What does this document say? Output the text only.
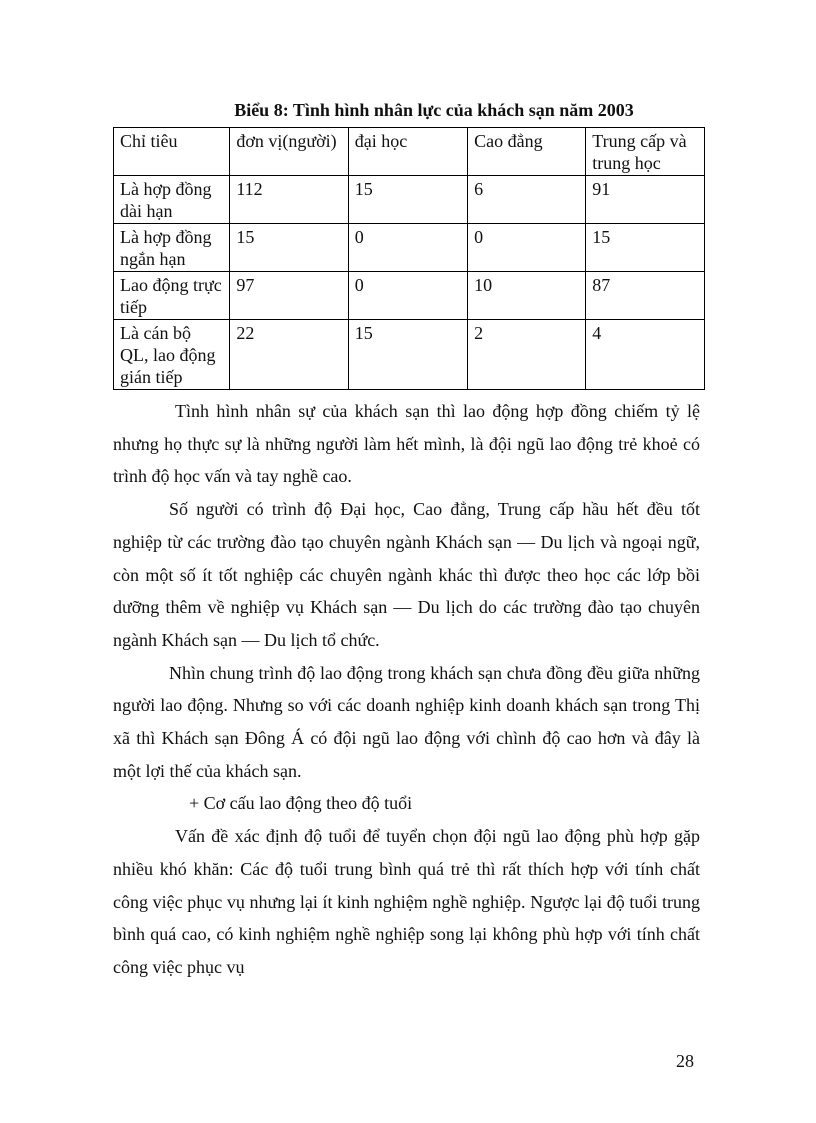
Biểu 8: Tình hình nhân lực của khách sạn năm 2003
Chỉ tiêu	đơn vị(người)	đại học	Cao đẳng	Trung cấp và trung học
Là hợp đồng dài hạn	112	15	6	91
Là hợp đồng ngắn hạn	15	0	0	15
Lao động trực tiếp	97	0	10	87
Là cán bộ QL, lao động gián tiếp	22	15	2	4

Tình hình nhân sự của khách sạn thì lao động hợp đồng chiếm tỷ lệ nhưng họ thực sự là những người làm hết mình, là đội ngũ lao động trẻ khoẻ có trình độ học vấn và tay nghề cao.

Số người có trình độ Đại học, Cao đẳng, Trung cấp hầu hết đều tốt nghiệp từ các trường đào tạo chuyên ngành Khách sạn — Du lịch và ngoại ngữ, còn một số ít tốt nghiệp các chuyên ngành khác thì được theo học các lớp bồi dưỡng thêm về nghiệp vụ Khách sạn — Du lịch do các trường đào tạo chuyên ngành Khách sạn — Du lịch tổ chức.

Nhìn chung trình độ lao động trong khách sạn chưa đồng đều giữa những người lao động. Nhưng so với các doanh nghiệp kinh doanh khách sạn trong Thị xã thì Khách sạn Đông Á có đội ngũ lao động với chình độ cao hơn và đây là một lợi thế của khách sạn.

+ Cơ cấu lao động theo độ tuổi

Vấn đề xác định độ tuổi để tuyển chọn đội ngũ lao động phù hợp gặp nhiều khó khăn: Các độ tuổi trung bình quá trẻ thì rất thích hợp với tính chất công việc phục vụ nhưng lại ít kinh nghiệm nghề nghiệp. Ngược lại độ tuổi trung bình quá cao, có kinh nghiệm nghề nghiệp song lại không phù hợp với tính chất công việc phục vụ

28
